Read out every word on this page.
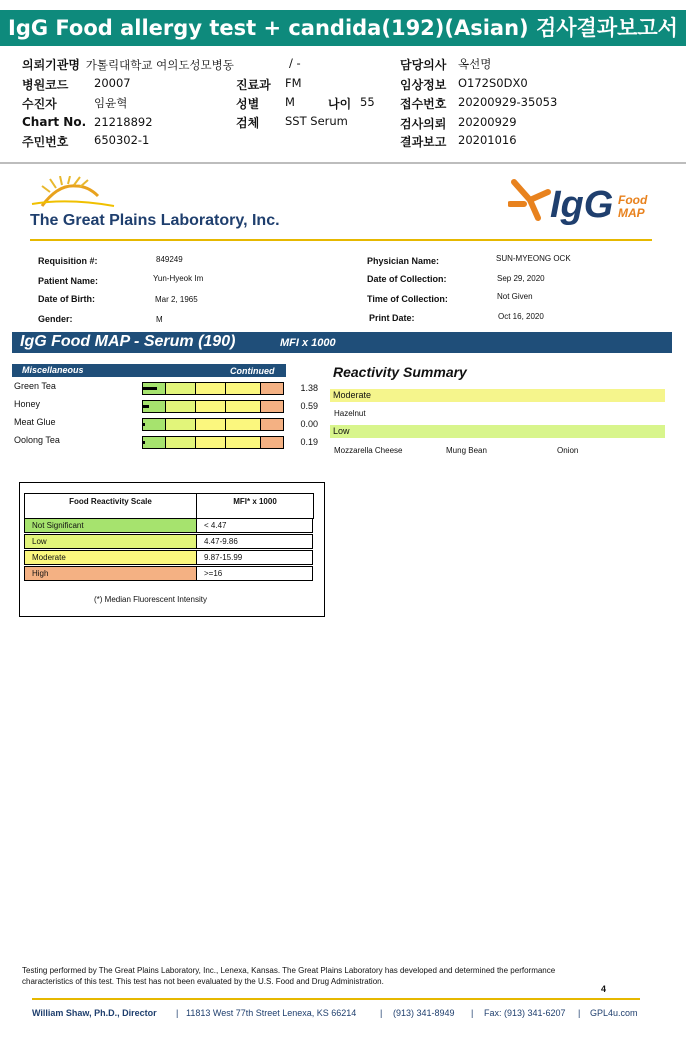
IgG Food allergy test + candida(192)(Asian) 검사결과보고서
의뢰기관명 가톨릭대학교 여의도성모병동	/ -
병원코드 20007	진료과 FM
수진자	임윤혁	성별 M	나이 55
Chart No. 21218892	검체 SST Serum
주민번호 650302-1
담당의사 옥선명
임상정보 O172S0DX0
접수번호 20200929-35053
검사의뢰 20200929
결과보고 20201016
The Great Plains Laboratory, Inc.	IgG Food
MAP
Requisition #:	849249
Patient Name:	Yun-Hyeok Im
Date of Birth:	Mar 2, 1965
Gender:	M
Physician Name:	SUN-MYEONG OCK
Date of Collection:	Sep 29, 2020
Time of Collection:	Not Given
Print Date:	Oct 16, 2020
IgG Food MAP - Serum (190)	MFI x 1000
Miscellaneous	Continued
Green Tea	1.38
Honey	0.59
Meat Glue	0.00
Oolong Tea	0.19
Reactivity Summary
Moderate
Hazelnut
Low
Mozzarella Cheese	Mung Bean	Onion
Food Reactivity Scale	MFI* x 1000
Not Significant	< 4.47
Low	4.47-9.86
Moderate	9.87-15.99
High	>=16
(*) Median Fluorescent Intensity
Testing performed by The Great Plains Laboratory, Inc., Lenexa, Kansas. The Great Plains Laboratory has developed and determined the performance
characteristics of this test. This test has not been evaluated by the U.S. Food and Drug Administration.
4
William Shaw, Ph.D., Director | 11813 West 77th Street Lenexa, KS 66214	| (913) 341-8949 | Fax: (913) 341-6207 | GPL4u.com
